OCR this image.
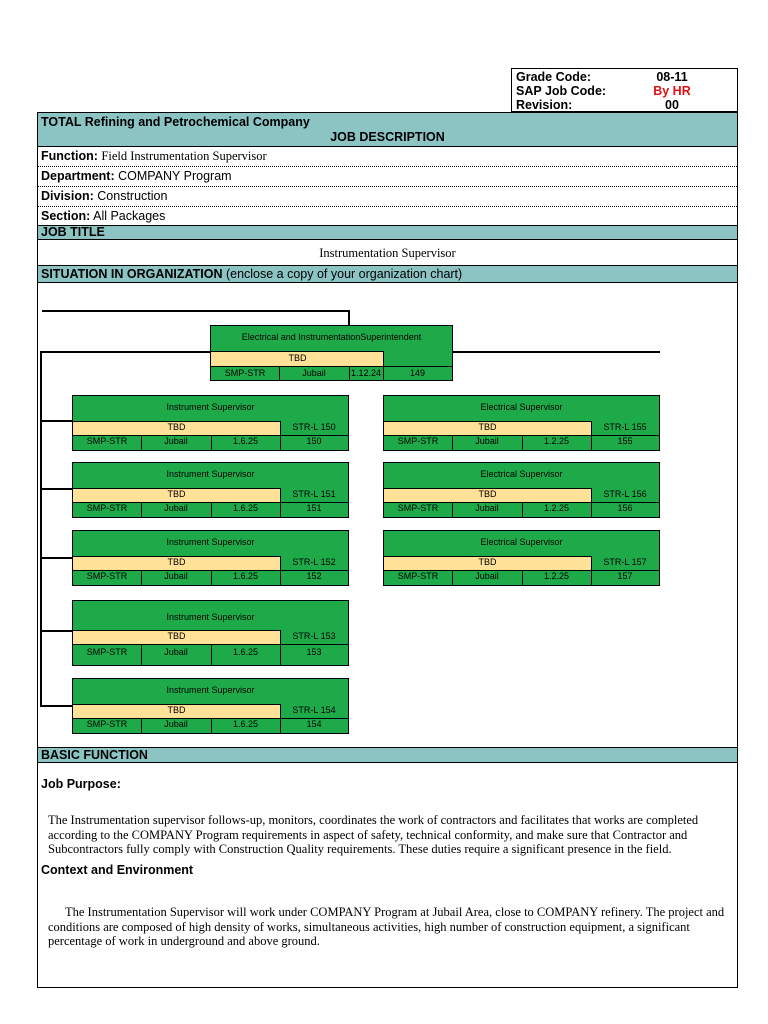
Grade Code:	08-11
SAP Job Code:	By HR
Revision:	00
TOTAL Refining and Petrochemical Company
JOB DESCRIPTION
Function: Field Instrumentation Supervisor
Department: COMPANY Program
Division: Construction
Section: All Packages
JOB TITLE
Instrumentation Supervisor
SITUATION IN ORGANIZATION (enclose a copy of your organization chart)
BASIC FUNCTION
Job Purpose:
The Instrumentation supervisor follows-up, monitors, coordinates the work of contractors and facilitates that works are completed according to the COMPANY Program requirements in aspect of safety, technical conformity, and make sure that Contractor and Subcontractors fully comply with Construction Quality requirements. These duties require a significant presence in the field.
Context and Environment
The Instrumentation Supervisor will work under COMPANY Program at Jubail Area, close to COMPANY refinery. The project and conditions are composed of high density of works, simultaneous activities, high number of construction equipment, a significant percentage of work in underground and above ground.
Electrical and InstrumentationSuperintendent
TBD
SMP-STR	Jubail	1.12.24	149
Instrument Supervisor
TBD	STR-L 150
SMP-STR	Jubail	1.6.25	150
Instrument Supervisor
TBD	STR-L 151
SMP-STR	Jubail	1.6.25	151
Instrument Supervisor
TBD	STR-L 152
SMP-STR	Jubail	1.6.25	152
Instrument Supervisor
TBD	STR-L 153
SMP-STR	Jubail	1.6.25	153
Instrument Supervisor
TBD	STR-L 154
SMP-STR	Jubail	1.6.25	154
Electrical Supervisor
TBD	STR-L 155
SMP-STR	Jubail	1.2.25	155
Electrical Supervisor
TBD	STR-L 156
SMP-STR	Jubail	1.2.25	156
Electrical Supervisor
TBD	STR-L 157
SMP-STR	Jubail	1.2.25	157
